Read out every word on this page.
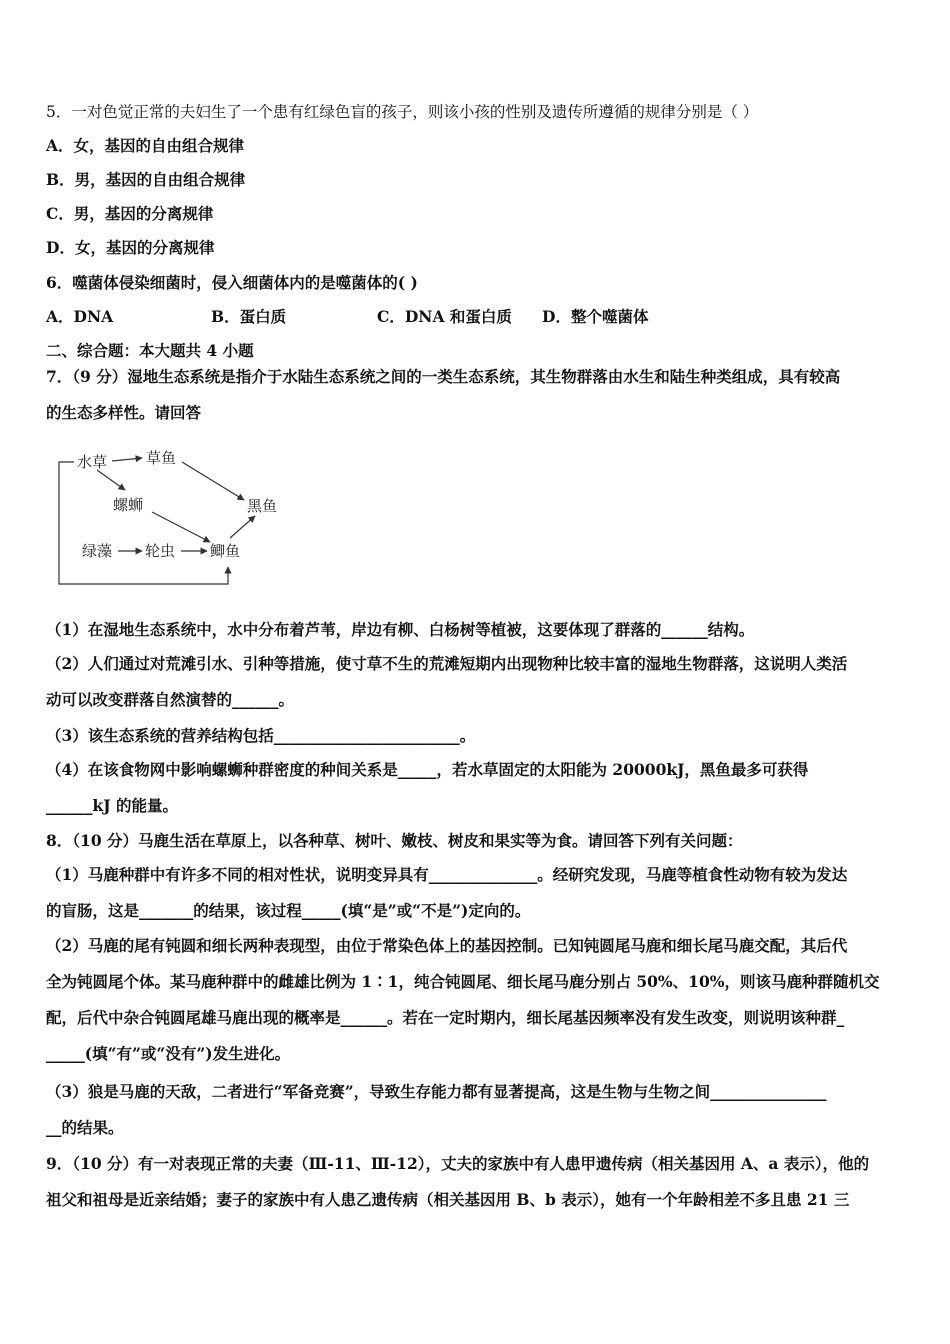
5．一对色觉正常的夫妇生了一个患有红绿色盲的孩子，则该小孩的性别及遗传所遵循的规律分别是（ ）
A．女，基因的自由组合规律
B．男，基因的自由组合规律
C．男，基因的分离规律
D．女，基因的分离规律
6．噬菌体侵染细菌时，侵入细菌体内的是噬菌体的( )
A．DNA	B．蛋白质	C．DNA 和蛋白质 D．整个噬菌体
二、综合题：本大题共 4 小题
7．（9 分）湿地生态系统是指介于水陆生态系统之间的一类生态系统，其生物群落由水生和陆生种类组成，具有较高
的生态多样性。请回答
水草	草鱼
螺蛳	黑鱼
绿藻 轮虫 鲫鱼
（1）在湿地生态系统中，水中分布着芦苇，岸边有柳、白杨树等植被，这要体现了群落的______结构。
（2）人们通过对荒滩引水、引种等措施，使寸草不生的荒滩短期内出现物种比较丰富的湿地生物群落，这说明人类活
动可以改变群落自然演替的______。
（3）该生态系统的营养结构包括________________________。
（4）在该食物网中影响螺蛳种群密度的种间关系是_____，若水草固定的太阳能为 20000kJ，黑鱼最多可获得
______kJ 的能量。
8．（10 分）马鹿生活在草原上，以各种草、树叶、嫩枝、树皮和果实等为食。请回答下列有关问题：
（1）马鹿种群中有许多不同的相对性状，说明变异具有______________。经研究发现，马鹿等植食性动物有较为发达
的盲肠，这是_______的结果，该过程_____(填“是”或“不是”)定向的。
（2）马鹿的尾有钝圆和细长两种表现型，由位于常染色体上的基因控制。已知钝圆尾马鹿和细长尾马鹿交配，其后代
全为钝圆尾个体。某马鹿种群中的雌雄比例为 1∶1，纯合钝圆尾、细长尾马鹿分别占 50%、10%，则该马鹿种群随机交
配，后代中杂合钝圆尾雄马鹿出现的概率是______。若在一定时期内，细长尾基因频率没有发生改变，则说明该种群_
_____(填“有”或“没有”)发生进化。
（3）狼是马鹿的天敌，二者进行“军备竞赛”，导致生存能力都有显著提高，这是生物与生物之间_______________
__的结果。
9．（10 分）有一对表现正常的夫妻（Ⅲ-11、Ⅲ-12），丈夫的家族中有人患甲遗传病（相关基因用 A、a 表示），他的
祖父和祖母是近亲结婚；妻子的家族中有人患乙遗传病（相关基因用 B、b 表示），她有一个年龄相差不多且患 21 三
